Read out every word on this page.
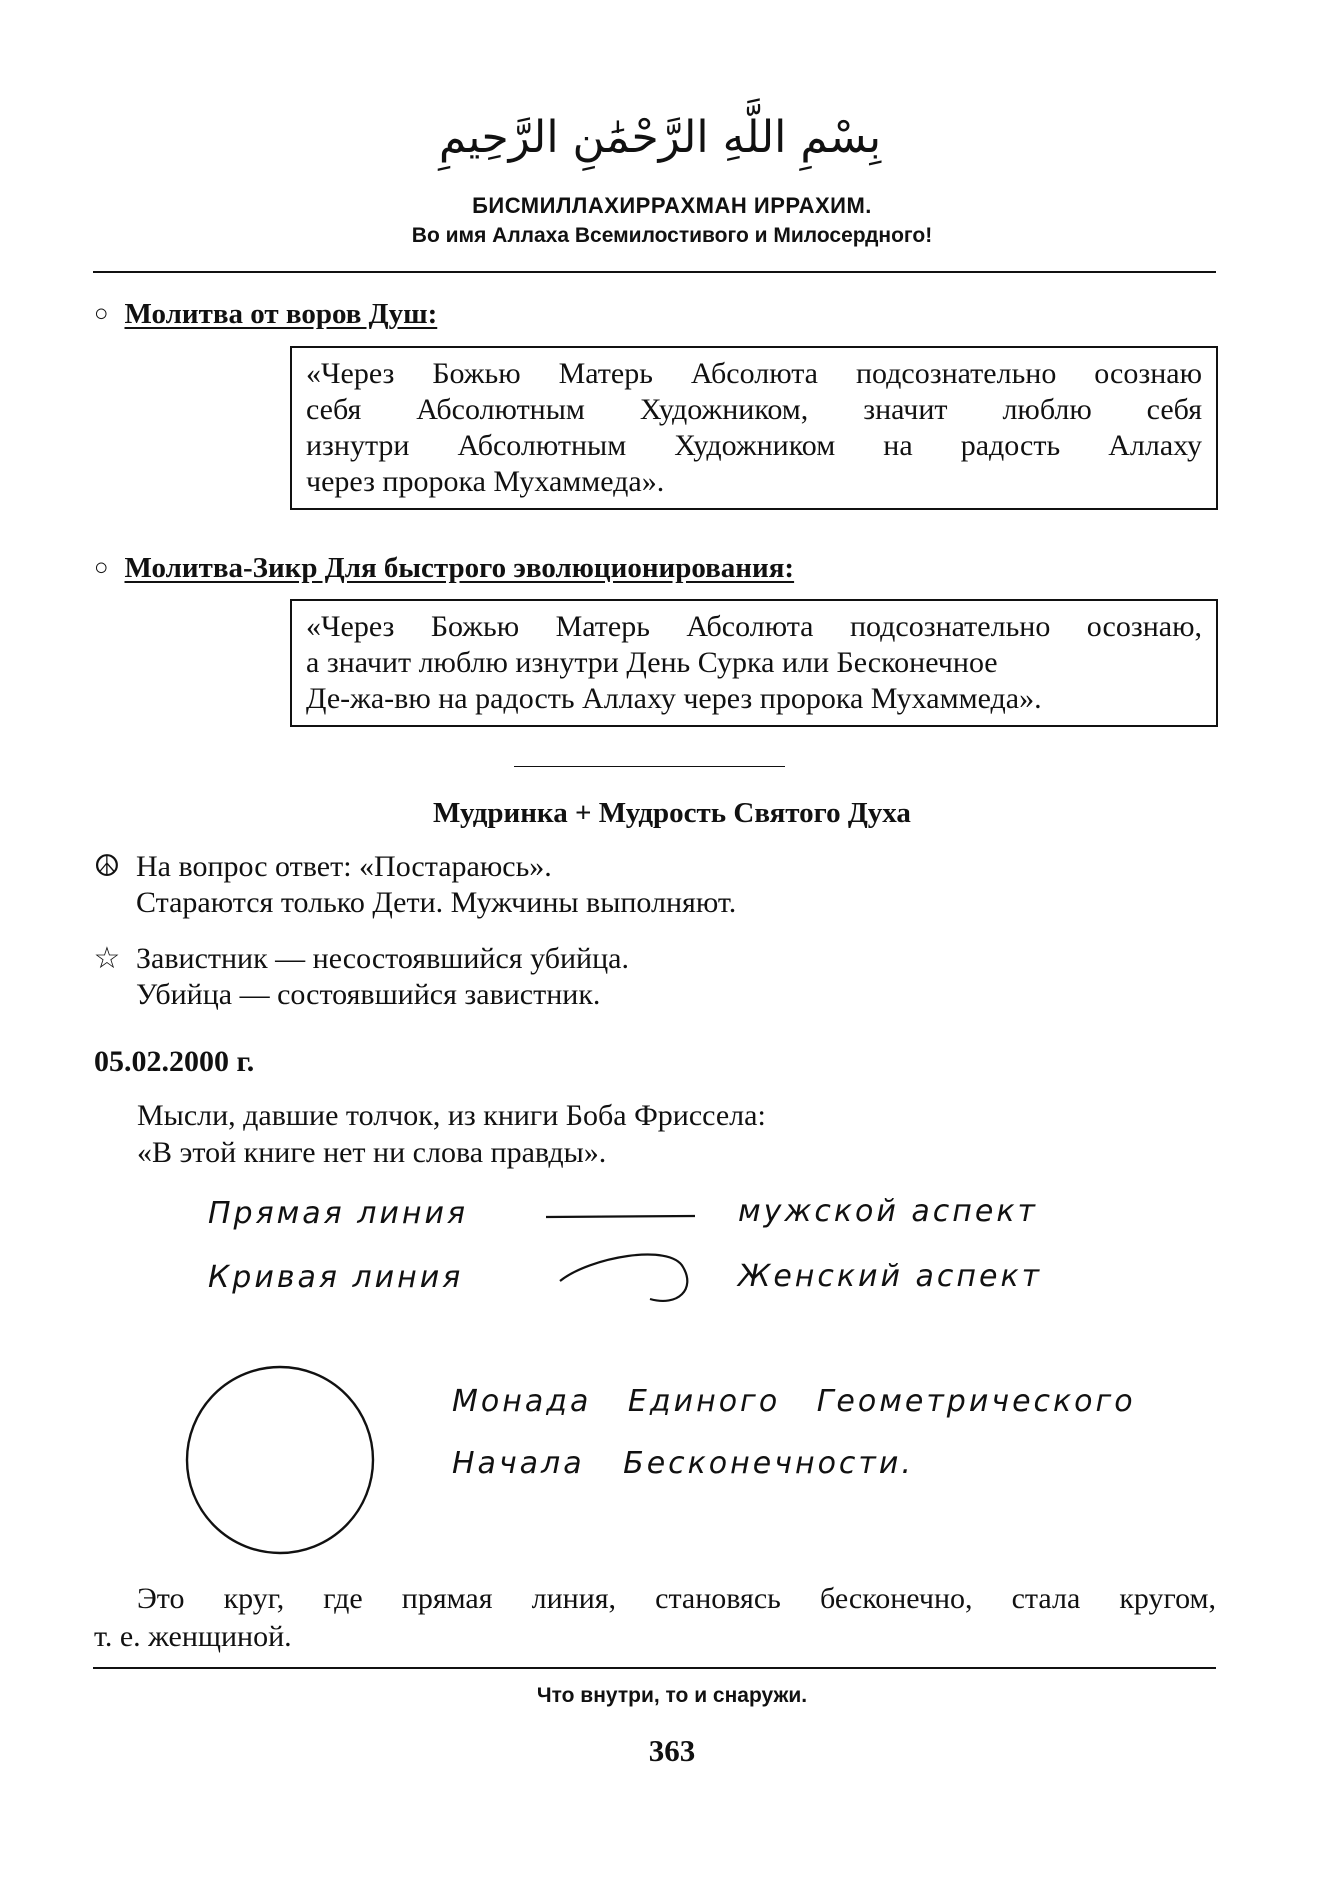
بِسْمِ اللَّهِ الرَّحْمَٰنِ الرَّحِيمِ
БИСМИЛЛАХИРРАХМАН ИРРАХИМ.
Во имя Аллаха Всемилостивого и Милосердного!
○ Молитва от воров Душ:
«Через Божью Матерь Абсолюта подсознательно осознаю
себя Абсолютным Художником, значит люблю себя
изнутри Абсолютным Художником на радость Аллаху
через пророка Мухаммеда».
○ Молитва-Зикр Для быстрого эволюционирования:
«Через Божью Матерь Абсолюта подсознательно осознаю,
а значит люблю изнутри День Сурка или Бесконечное
Де-жа-вю на радость Аллаху через пророка Мухаммеда».
Мудринка + Мудрость Святого Духа
☮ На вопрос ответ: «Постараюсь».
Стараются только Дети. Мужчины выполняют.
☆ Завистник — несостоявшийся убийца.
Убийца — состоявшийся завистник.
05.02.2000 г.
Мысли, давшие толчок, из книги Боба Фриссела:
«В этой книге нет ни слова правды».
Прямая линия	мужской аспект
Кривая линия	Женский аспект
Монада Единого Геометрического
Начала Бесконечности.
Это круг, где прямая линия, становясь бесконечно, стала кругом,
т. е. женщиной.
Что внутри, то и снаружи.
363
